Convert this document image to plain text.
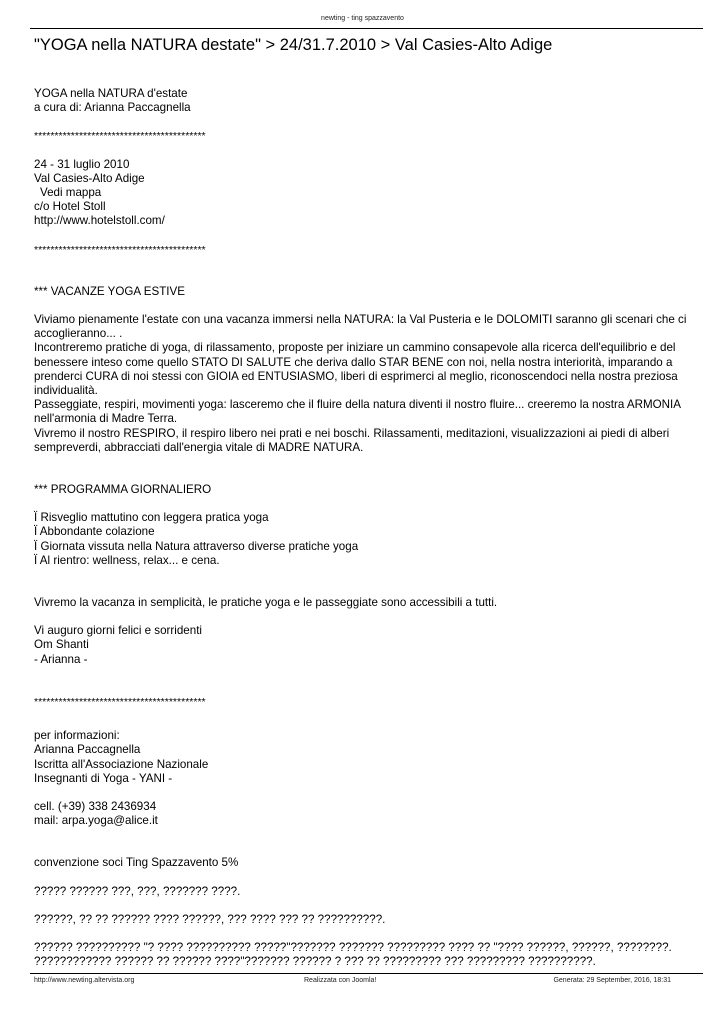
newting - ting spazzavento
"YOGA nella NATURA destate" > 24/31.7.2010 > Val Casies-Alto Adige
YOGA nella NATURA d'estate
a cura di: Arianna Paccagnella
******************************************
24 - 31 luglio 2010
Val Casies-Alto Adige
Vedi mappa
c/o Hotel Stoll
http://www.hotelstoll.com/
******************************************
*** VACANZE YOGA ESTIVE
Viviamo pienamente l'estate con una vacanza immersi nella NATURA: la Val Pusteria e le DOLOMITI saranno gli scenari che ci accoglieranno... .
Incontreremo pratiche di yoga, di rilassamento, proposte per iniziare un cammino consapevole alla ricerca dell'equilibrio e del benessere inteso come quello STATO DI SALUTE che deriva dallo STAR BENE con noi, nella nostra interiorità, imparando a prenderci CURA di noi stessi con GIOIA ed ENTUSIASMO, liberi di esprimerci al meglio, riconoscendoci nella nostra preziosa individualità.
Passeggiate, respiri, movimenti yoga: lasceremo che il fluire della natura diventi il nostro fluire... creeremo la nostra ARMONIA nell'armonia di Madre Terra.
Vivremo il nostro RESPIRO, il respiro libero nei prati e nei boschi. Rilassamenti, meditazioni, visualizzazioni ai piedi di alberi sempreverdi, abbracciati dall'energia vitale di MADRE NATURA.
*** PROGRAMMA GIORNALIERO
Ï Risveglio mattutino con leggera pratica yoga
Ï Abbondante colazione
Ï Giornata vissuta nella Natura attraverso diverse pratiche yoga
Ï Al rientro: wellness, relax... e cena.
Vivremo la vacanza in semplicità, le pratiche yoga e le passeggiate sono accessibili a tutti.
Vi auguro giorni felici e sorridenti
Om Shanti
- Arianna -
******************************************
per informazioni:
Arianna Paccagnella
Iscritta all'Associazione Nazionale
Insegnanti di Yoga - YANI -
cell. (+39) 338 2436934
mail: arpa.yoga@alice.it
convenzione soci Ting Spazzavento 5%
????? ?????? ???, ???, ??????? ????.
??????, ?? ?? ?????? ???? ??????, ??? ???? ??? ?? ??????????.
?????? ?????????? "? ???? ?????????? ?????"??????? ??????? ????????? ???? ?? "???? ??????, ??????, ????????. ???????????? ?????? ?? ?????? ????"??????? ?????? ? ??? ?? ????????? ??? ????????? ??????????.
http://www.newting.altervista.org	Realizzata con Joomla!	Generata: 29 September, 2016, 18:31
